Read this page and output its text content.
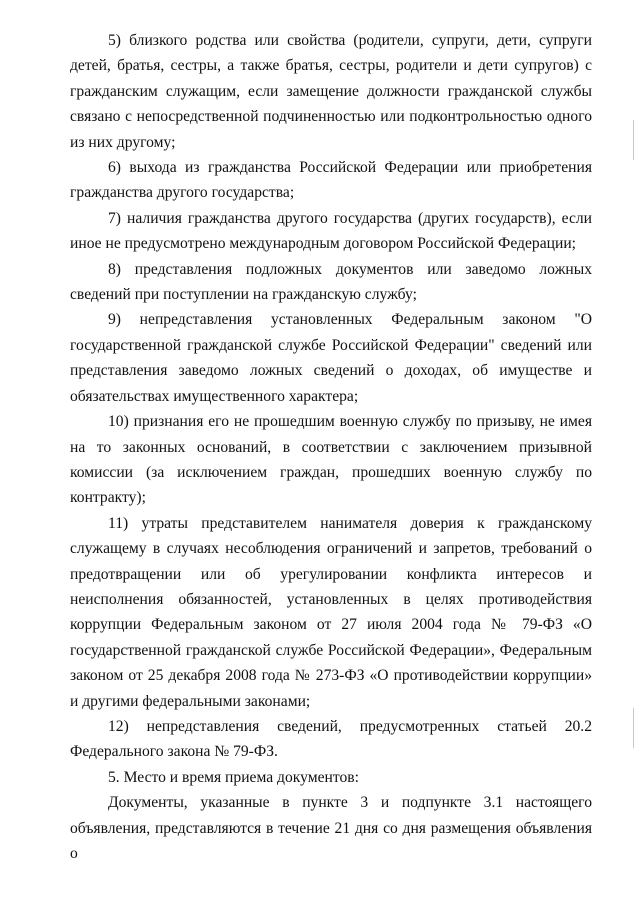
5) близкого родства или свойства (родители, супруги, дети, супруги детей, братья, сестры, а также братья, сестры, родители и дети супругов) с гражданским служащим, если замещение должности гражданской службы связано с непосредственной подчиненностью или подконтрольностью одного из них другому;

6) выхода из гражданства Российской Федерации или приобретения гражданства другого государства;

7) наличия гражданства другого государства (других государств), если иное не предусмотрено международным договором Российской Федерации;

8) представления подложных документов или заведомо ложных сведений при поступлении на гражданскую службу;

9) непредставления установленных Федеральным законом "О государственной гражданской службе Российской Федерации" сведений или представления заведомо ложных сведений о доходах, об имуществе и обязательствах имущественного характера;

10) признания его не прошедшим военную службу по призыву, не имея на то законных оснований, в соответствии с заключением призывной комиссии (за исключением граждан, прошедших военную службу по контракту);

11) утраты представителем нанимателя доверия к гражданскому служащему в случаях несоблюдения ограничений и запретов, требований о предотвращении или об урегулировании конфликта интересов и неисполнения обязанностей, установленных в целях противодействия коррупции Федеральным законом от 27 июля 2004 года № 79-ФЗ «О государственной гражданской службе Российской Федерации», Федеральным законом от 25 декабря 2008 года № 273-ФЗ «О противодействии коррупции» и другими федеральными законами;

12) непредставления сведений, предусмотренных статьей 20.2 Федерального закона № 79-ФЗ.

5. Место и время приема документов:

Документы, указанные в пункте 3 и подпункте 3.1 настоящего объявления, представляются в течение 21 дня со дня размещения объявления о
